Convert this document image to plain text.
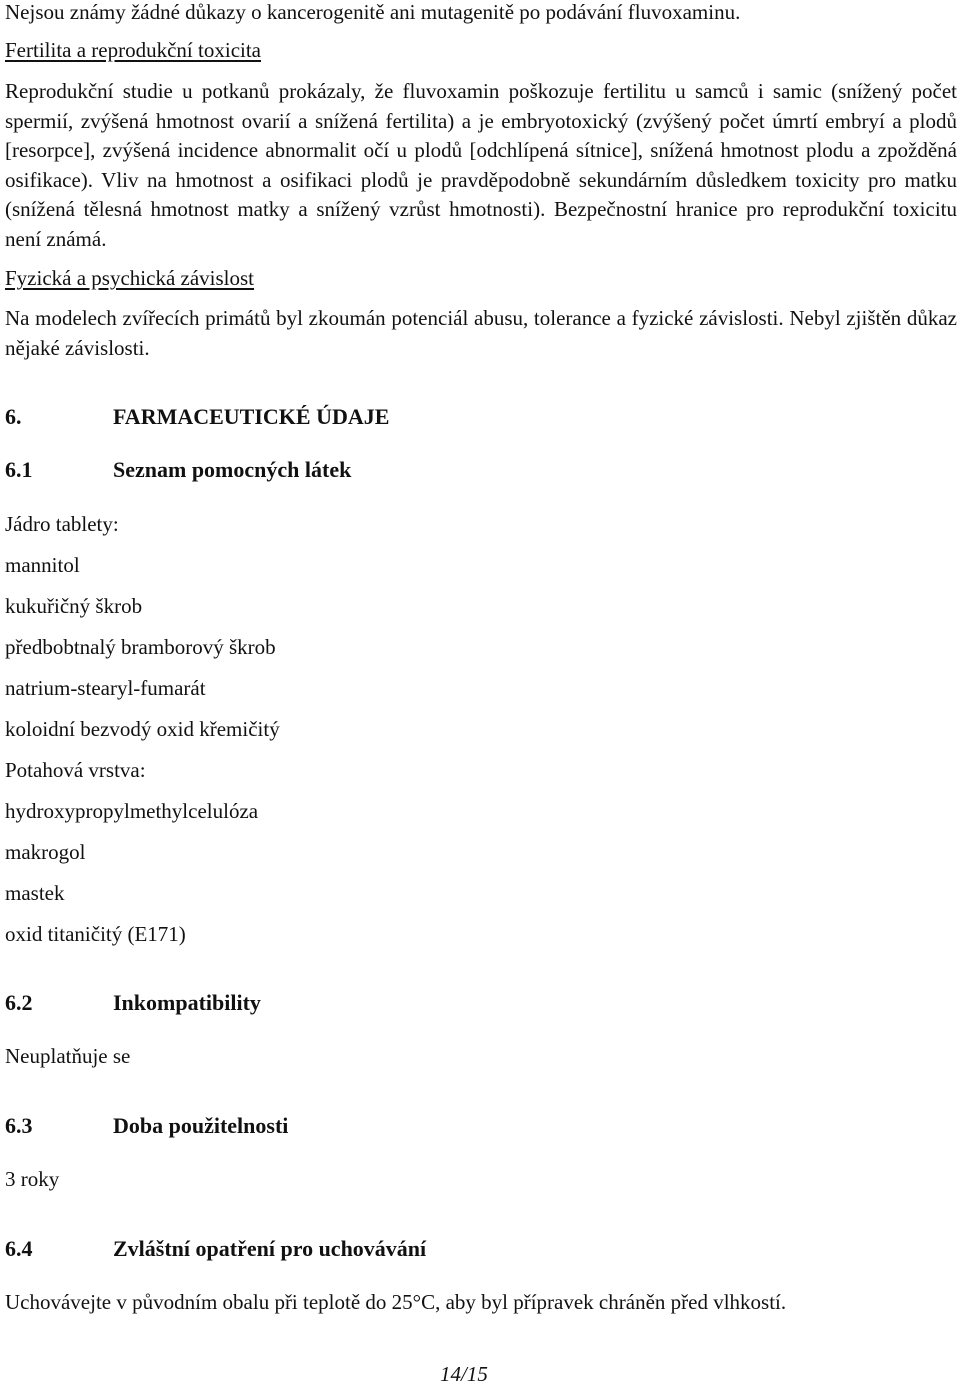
Nejsou známy žádné důkazy o kancerogenitě ani mutagenitě po podávání fluvoxaminu.
Fertilita a reprodukční toxicita
Reprodukční studie u potkanů prokázaly, že fluvoxamin poškozuje fertilitu u samců i samic (snížený počet spermií, zvýšená hmotnost ovarií a snížená fertilita) a je embryotoxický (zvýšený počet úmrtí embryí a plodů [resorpce], zvýšená incidence abnormalit očí u plodů [odchlípená sítnice], snížená hmotnost plodu a zpožděná osifikace). Vliv na hmotnost a osifikaci plodů je pravděpodobně sekundárním důsledkem toxicity pro matku (snížená tělesná hmotnost matky a snížený vzrůst hmotnosti). Bezpečnostní hranice pro reprodukční toxicitu není známá.
Fyzická a psychická závislost
Na modelech zvířecích primátů byl zkoumán potenciál abusu, tolerance a fyzické závislosti. Nebyl zjištěn důkaz nějaké závislosti.
6.	FARMACEUTICKÉ ÚDAJE
6.1	Seznam pomocných látek
Jádro tablety:
mannitol
kukuřičný škrob
předbobtnalý bramborový škrob
natrium-stearyl-fumarát
koloidní bezvodý oxid křemičitý
Potahová vrstva:
hydroxypropylmethylcelulóza
makrogol
mastek
oxid titaničitý (E171)
6.2	Inkompatibility
Neuplatňuje se
6.3	Doba použitelnosti
3 roky
6.4	Zvláštní opatření pro uchovávání
Uchovávejte v původním obalu při teplotě do 25°C, aby byl přípravek chráněn před vlhkostí.
14/15
